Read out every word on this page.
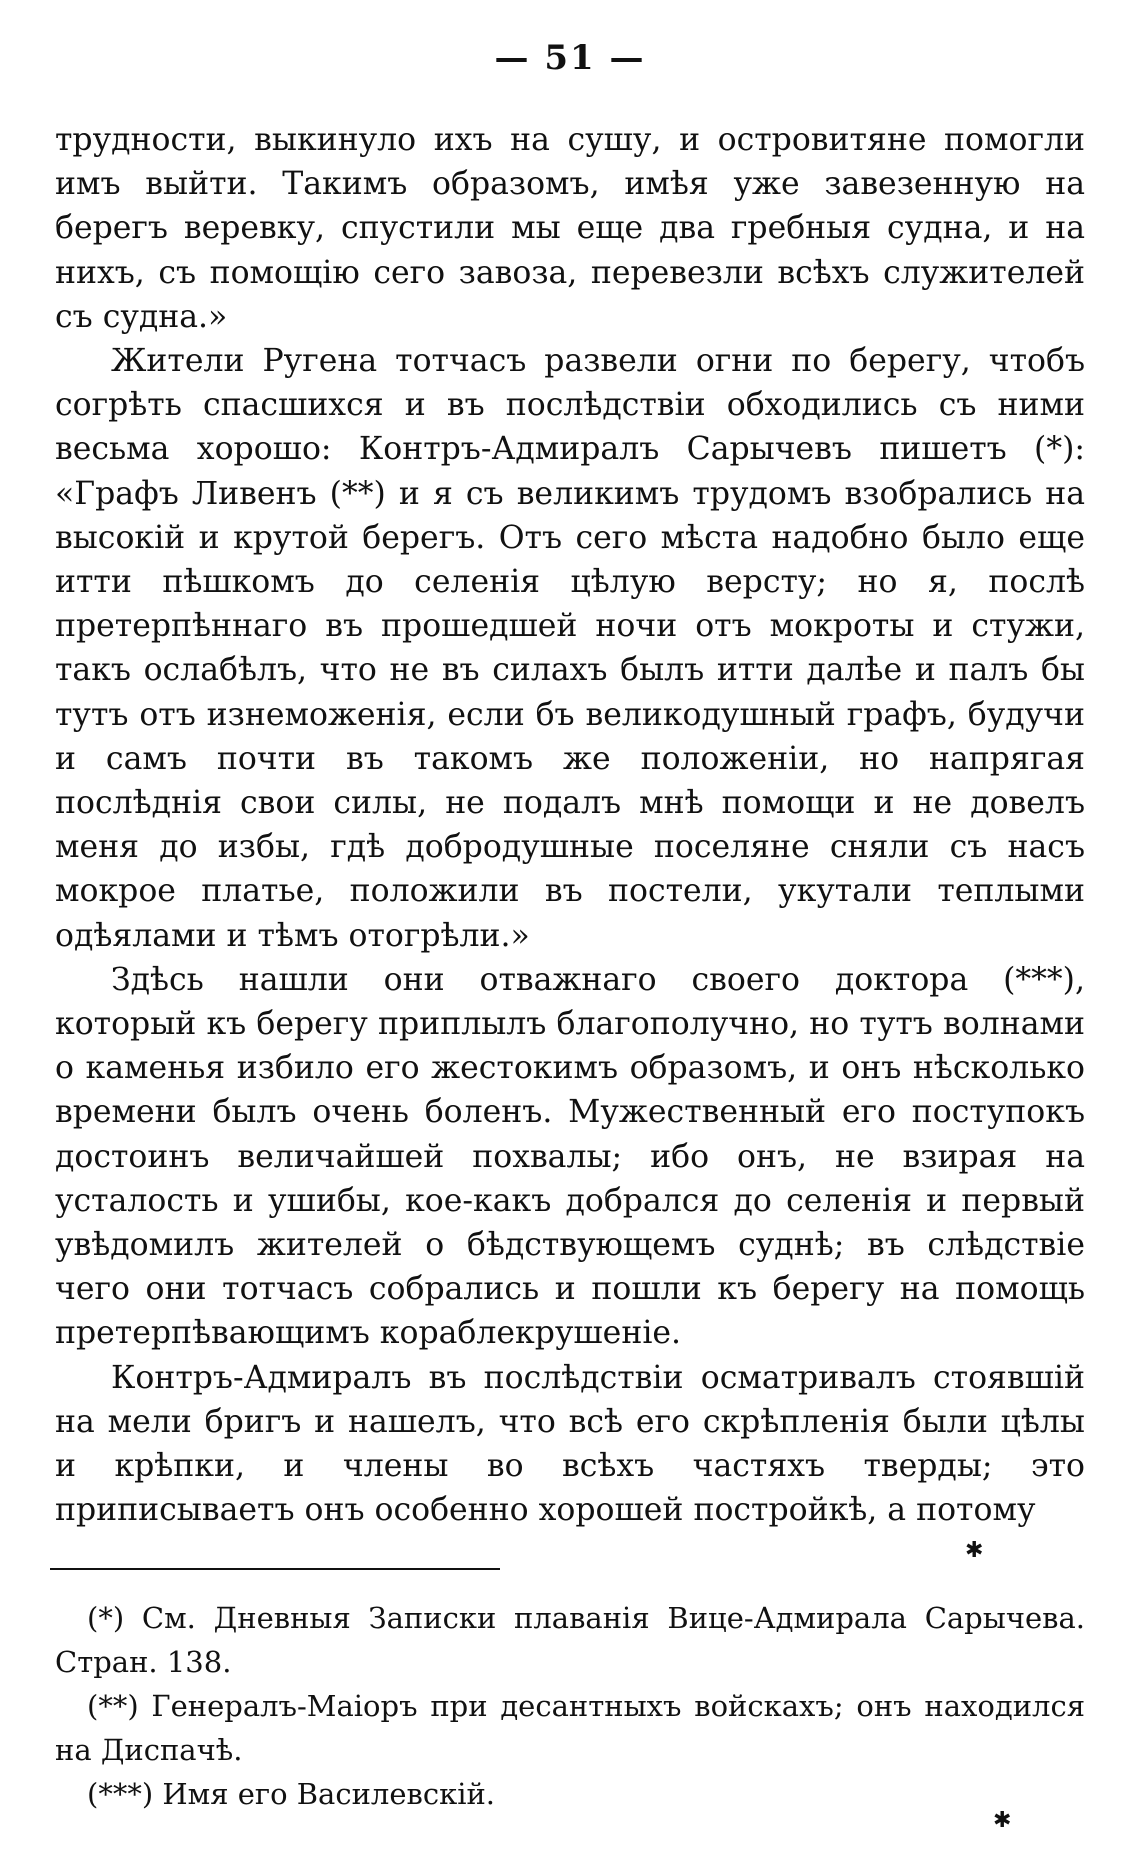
— 51 —

трудности, выкинуло ихъ на сушу, и островитяне помогли имъ выйти. Такимъ образомъ, имѣя уже завезенную на берегъ веревку, спустили мы еще два гребныя судна, и на нихъ, съ помощію сего завоза, перевезли всѣхъ служителей съ судна.»

Жители Ругена тотчасъ развели огни по берегу, чтобъ согрѣть спасшихся и въ послѣдствіи обходились съ ними весьма хорошо: Контръ-Адмиралъ Сарычевъ пишетъ (*): «Графъ Ливенъ (**) и я съ великимъ трудомъ взобрались на высокій и крутой берегъ. Отъ сего мѣста надобно было еще итти пѣшкомъ до селенія цѣлую версту; но я, послѣ претерпѣннаго въ прошедшей ночи отъ мокроты и стужи, такъ ослабѣлъ, что не въ силахъ былъ итти далѣе и палъ бы тутъ отъ изнеможенія, если бъ великодушный графъ, будучи и самъ почти въ такомъ же положеніи, но напрягая послѣднія свои силы, не подалъ мнѣ помощи и не довелъ меня до избы, гдѣ добродушные поселяне сняли съ насъ мокрое платье, положили въ постели, укутали теплыми одѣялами и тѣмъ отогрѣли.»

Здѣсь нашли они отважнаго своего доктора (***), который къ берегу приплылъ благополучно, но тутъ волнами о каменья избило его жестокимъ образомъ, и онъ нѣсколько времени былъ очень боленъ. Мужественный его поступокъ достоинъ величайшей похвалы; ибо онъ, не взирая на усталость и ушибы, кое-какъ добрался до селенія и первый увѣдомилъ жителей о бѣдствующемъ суднѣ; въ слѣдствіе чего они тотчасъ собрались и пошли къ берегу на помощь претерпѣвающимъ кораблекрушеніе.

Контръ-Адмиралъ въ послѣдствіи осматривалъ стоявшій на мели бригъ и нашелъ, что всѣ его скрѣпленія были цѣлы и крѣпки, и члены во всѣхъ частяхъ тверды; это приписываетъ онъ особенно хорошей постройкѣ, а потому

✱

(*) См. Дневныя Записки плаванія Вице-Адмирала Сарычева. Стран. 138.

(**) Генералъ-Маіоръ при десантныхъ войскахъ; онъ находился на Диспачѣ.

(***) Имя его Василевскій.

✱
